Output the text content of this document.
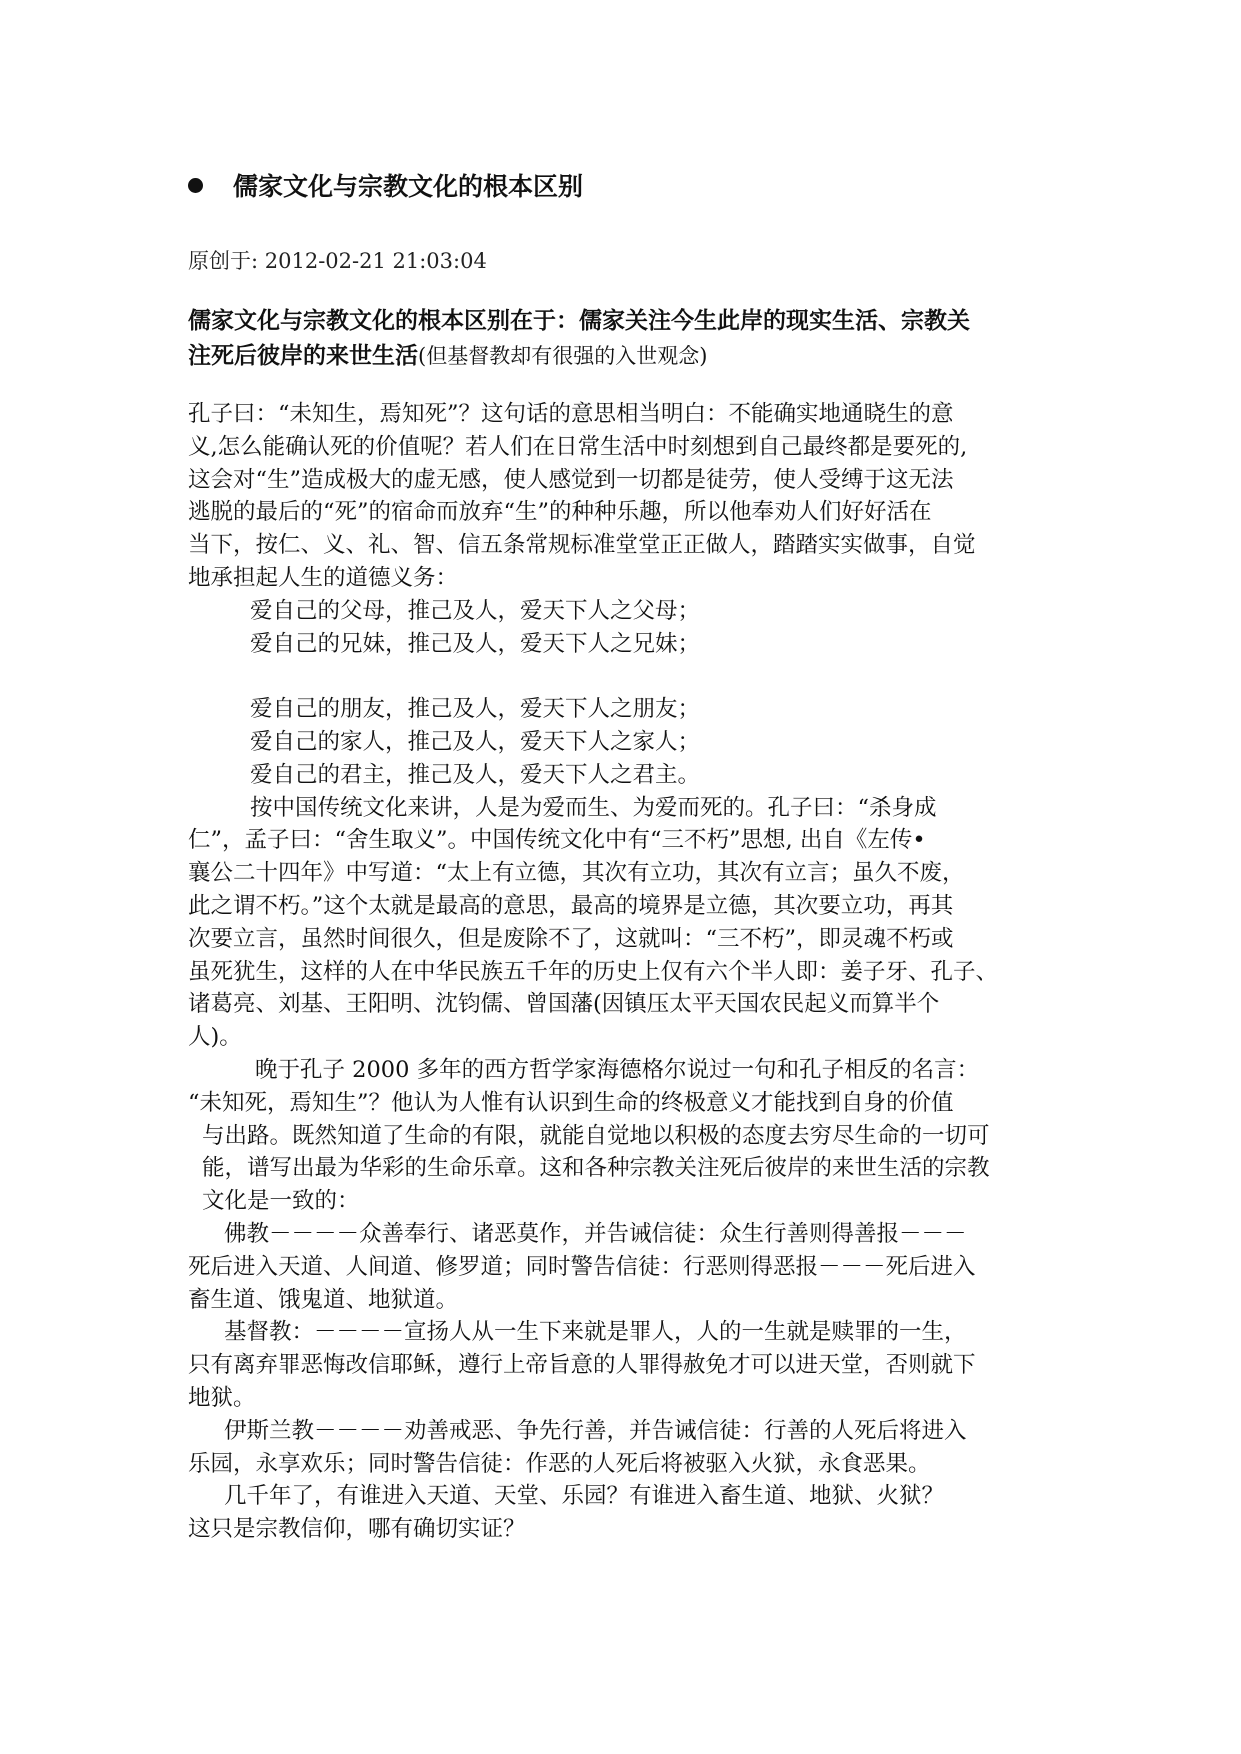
儒家文化与宗教文化的根本区别
原创于: 2012-02-21 21:03:04
儒家文化与宗教文化的根本区别在于：儒家关注今生此岸的现实生活、宗教关
注死后彼岸的来世生活(但基督教却有很强的入世观念)
孔子曰：“未知生，焉知死”？这句话的意思相当明白：不能确实地通晓生的意
义,怎么能确认死的价值呢？若人们在日常生活中时刻想到自己最终都是要死的,
这会对“生”造成极大的虚无感，使人感觉到一切都是徒劳，使人受缚于这无法
逃脱的最后的“死”的宿命而放弃“生”的种种乐趣，所以他奉劝人们好好活在
当下，按仁、义、礼、智、信五条常规标准堂堂正正做人，踏踏实实做事，自觉
地承担起人生的道德义务：
爱自己的父母，推己及人，爱天下人之父母；
爱自己的兄妹，推己及人，爱天下人之兄妹；
爱自己的朋友，推己及人，爱天下人之朋友；
爱自己的家人，推己及人，爱天下人之家人；
爱自己的君主，推己及人，爱天下人之君主。
按中国传统文化来讲，人是为爱而生、为爱而死的。孔子曰：“杀身成
仁”，孟子曰：“舍生取义”。中国传统文化中有“三不朽”思想, 出自《左传•
襄公二十四年》中写道：“太上有立德，其次有立功，其次有立言；虽久不废，
此之谓不朽。”这个太就是最高的意思，最高的境界是立德，其次要立功，再其
次要立言，虽然时间很久，但是废除不了，这就叫：“三不朽”，即灵魂不朽或
虽死犹生，这样的人在中华民族五千年的历史上仅有六个半人即：姜子牙、孔子、
诸葛亮、刘基、王阳明、沈钧儒、曾国藩(因镇压太平天国农民起义而算半个
人)。
晚于孔子 2000 多年的西方哲学家海德格尔说过一句和孔子相反的名言：
“未知死，焉知生”？他认为人惟有认识到生命的终极意义才能找到自身的价值
与出路。既然知道了生命的有限，就能自觉地以积极的态度去穷尽生命的一切可
能，谱写出最为华彩的生命乐章。这和各种宗教关注死后彼岸的来世生活的宗教
文化是一致的：
佛教－－－－众善奉行、诸恶莫作，并告诫信徒：众生行善则得善报－－－
死后进入天道、人间道、修罗道；同时警告信徒：行恶则得恶报－－－死后进入
畜生道、饿鬼道、地狱道。
基督教：－－－－宣扬人从一生下来就是罪人，人的一生就是赎罪的一生，
只有离弃罪恶悔改信耶稣，遵行上帝旨意的人罪得赦免才可以进天堂，否则就下
地狱。
伊斯兰教－－－－劝善戒恶、争先行善，并告诫信徒：行善的人死后将进入
乐园，永享欢乐；同时警告信徒：作恶的人死后将被驱入火狱，永食恶果。
几千年了，有谁进入天道、天堂、乐园？有谁进入畜生道、地狱、火狱？
这只是宗教信仰，哪有确切实证？
